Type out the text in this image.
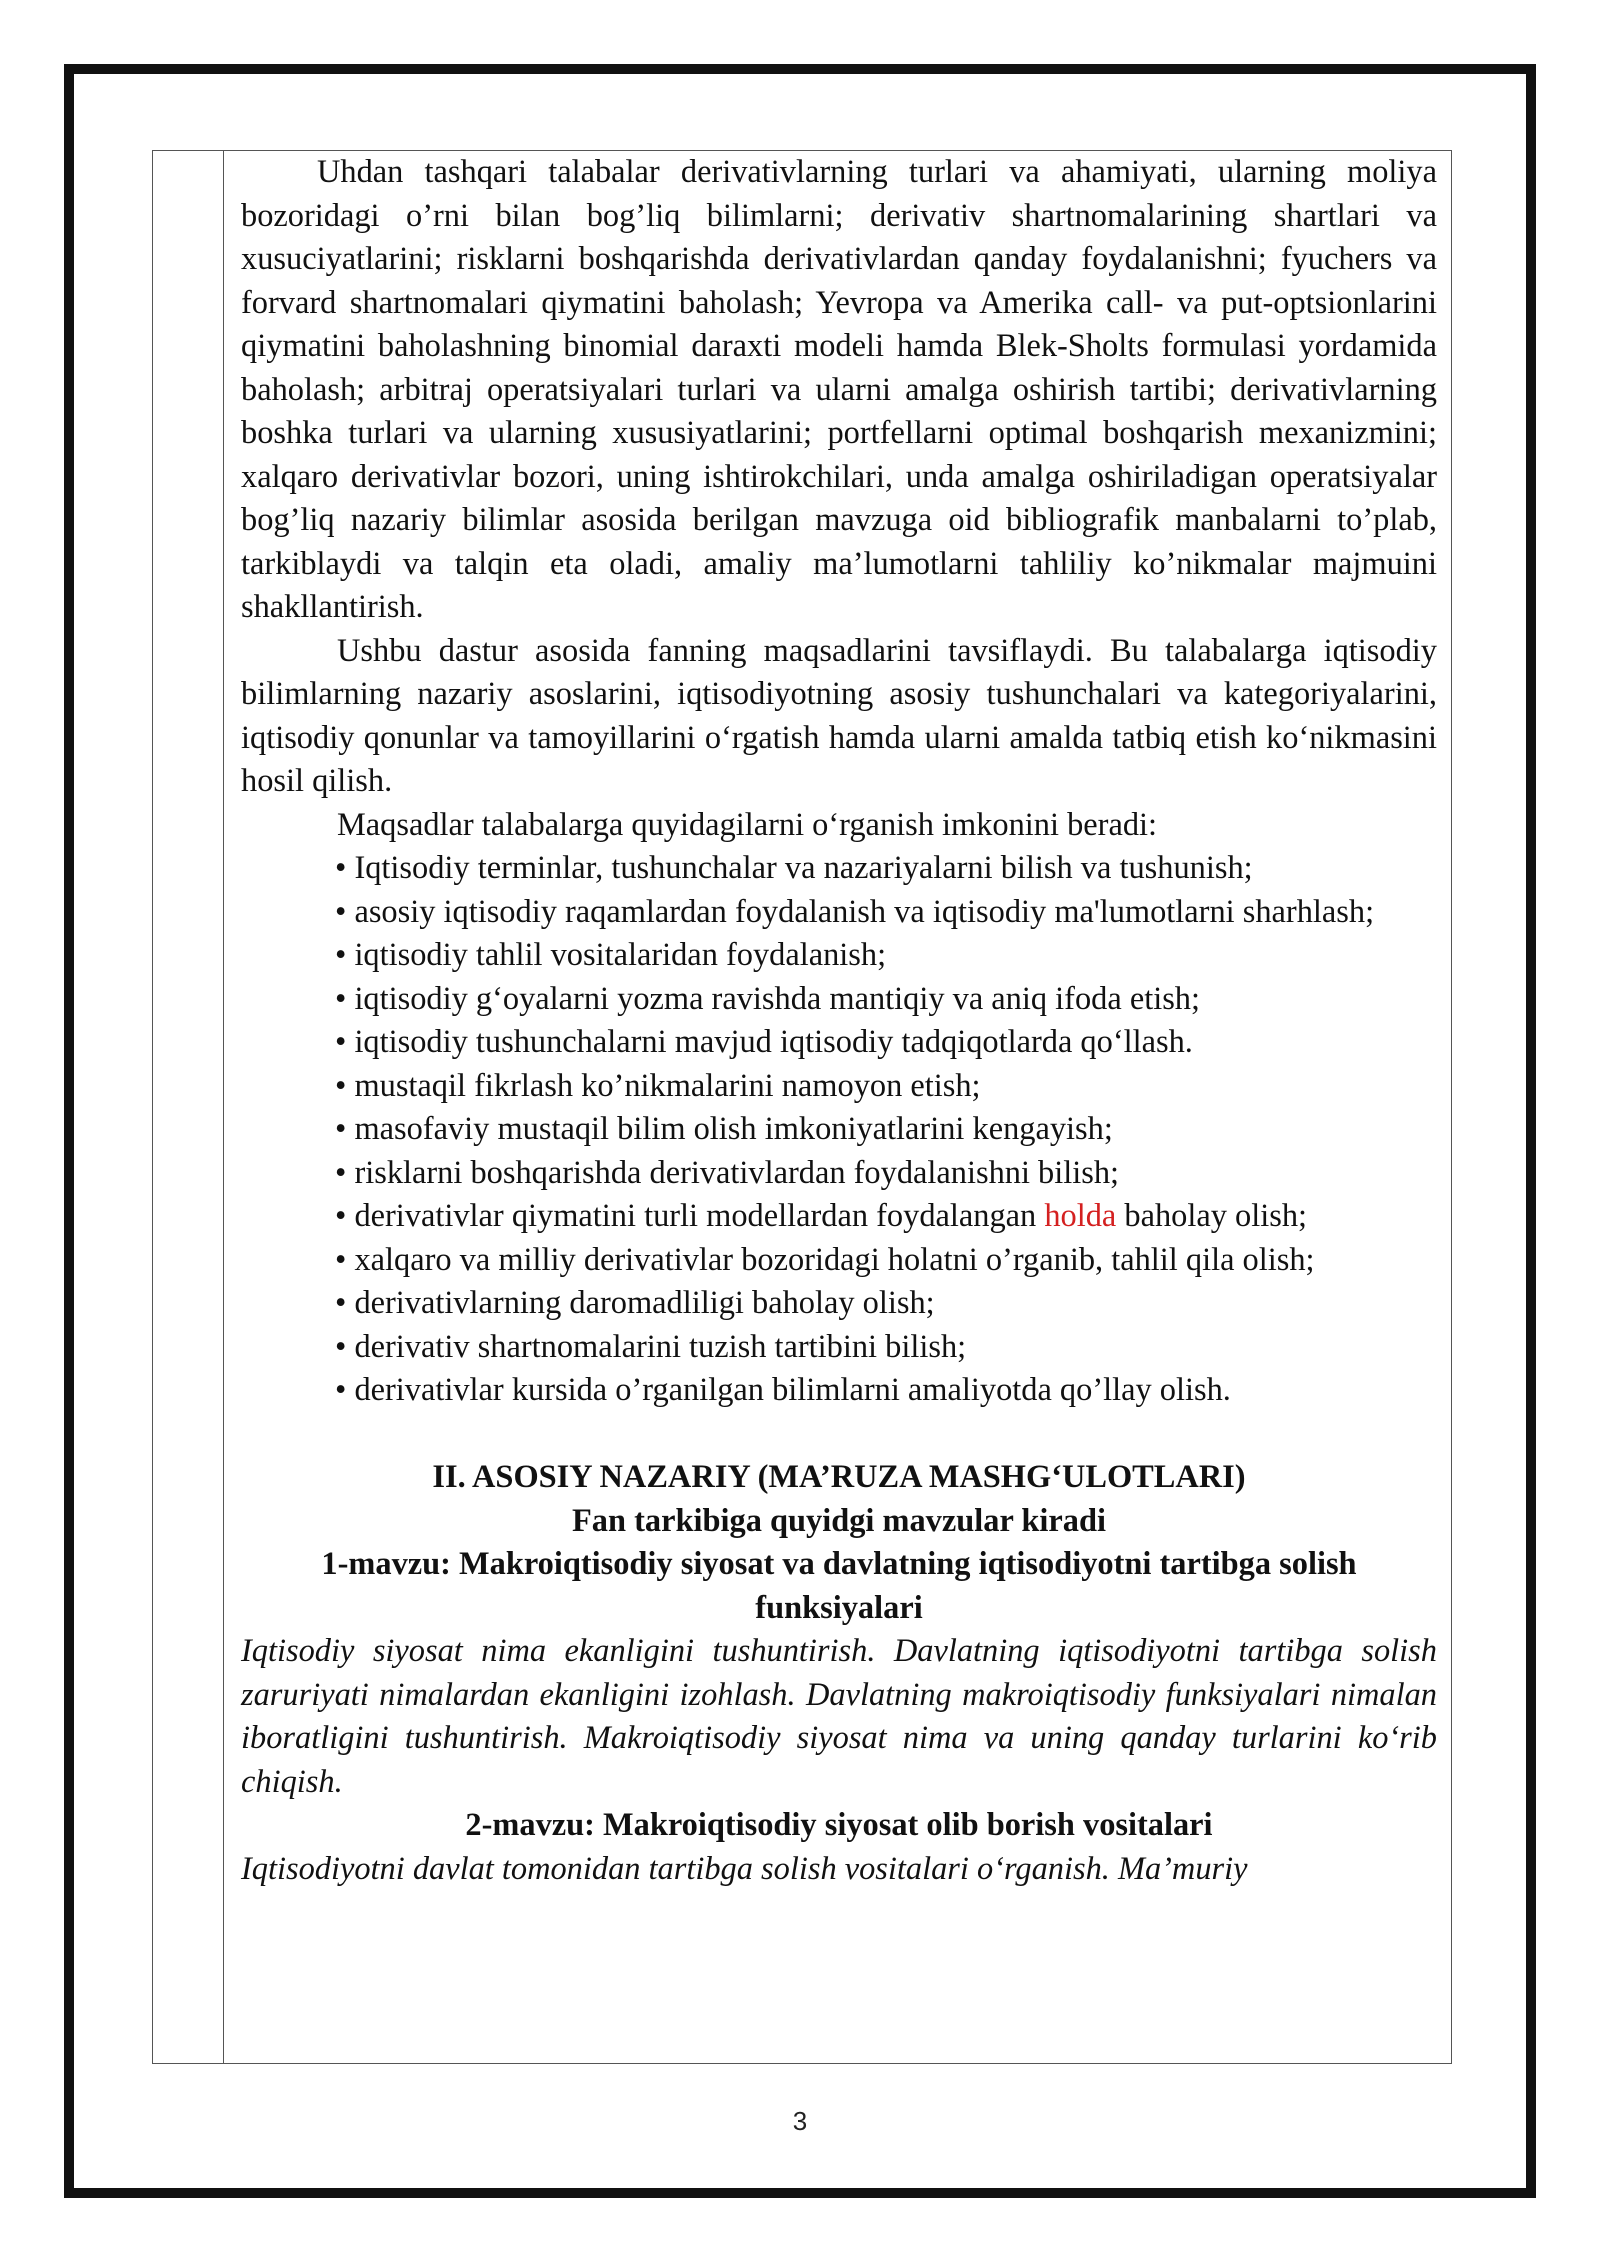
Uhdan tashqari talabalar derivativlarning turlari va ahamiyati, ularning moliya bozoridagi o’rni bilan bog’liq bilimlarni; derivativ shartnomalarining shartlari va xusuciyatlarini; risklarni boshqarishda derivativlardan qanday foydalanishni; fyuchers va forvard shartnomalari qiymatini baholash; Yevropa va Amerika call- va put-optsionlarini qiymatini baholashning binomial daraxti modeli hamda Blek-Sholts formulasi yordamida baholash; arbitraj operatsiyalari turlari va ularni amalga oshirish tartibi; derivativlarning boshka turlari va ularning xususiyatlarini; portfellarni optimal boshqarish mexanizmini; xalqaro derivativlar bozori, uning ishtirokchilari, unda amalga oshiriladigan operatsiyalar bog’liq nazariy bilimlar asosida berilgan mavzuga oid bibliografik manbalarni to’plab, tarkiblaydi va talqin eta oladi, amaliy ma’lumotlarni tahliliy ko’nikmalar majmuini shakllantirish.

Ushbu dastur asosida fanning maqsadlarini tavsiflaydi. Bu talabalarga iqtisodiy bilimlarning nazariy asoslarini, iqtisodiyotning asosiy tushunchalari va kategoriyalarini, iqtisodiy qonunlar va tamoyillarini oʻrgatish hamda ularni amalda tatbiq etish koʻnikmasini hosil qilish.

Maqsadlar talabalarga quyidagilarni oʻrganish imkonini beradi:

• Iqtisodiy terminlar, tushunchalar va nazariyalarni bilish va tushunish;

• asosiy iqtisodiy raqamlardan foydalanish va iqtisodiy ma'lumotlarni sharhlash;

• iqtisodiy tahlil vositalaridan foydalanish;

• iqtisodiy gʻoyalarni yozma ravishda mantiqiy va aniq ifoda etish;

• iqtisodiy tushunchalarni mavjud iqtisodiy tadqiqotlarda qoʻllash.

• mustaqil fikrlash ko’nikmalarini namoyon etish;

• masofaviy mustaqil bilim olish imkoniyatlarini kengayish;

• risklarni boshqarishda derivativlardan foydalanishni bilish;

• derivativlar qiymatini turli modellardan foydalangan holda baholay olish;

• xalqaro va milliy derivativlar bozoridagi holatni o’rganib, tahlil qila olish;

• derivativlarning daromadliligi baholay olish;

• derivativ shartnomalarini tuzish tartibini bilish;

• derivativlar kursida o’rganilgan bilimlarni amaliyotda qo’llay olish.

II. ASOSIY NAZARIY (MA’RUZA MASHGʻULOTLARI)

Fan tarkibiga quyidgi mavzular kiradi

1-mavzu: Makroiqtisodiy siyosat va davlatning iqtisodiyotni tartibga solish funksiyalari

Iqtisodiy siyosat nima ekanligini tushuntirish. Davlatning iqtisodiyotni tartibga solish zaruriyati nimalardan ekanligini izohlash. Davlatning makroiqtisodiy funksiyalari nimalan iboratligini tushuntirish. Makroiqtisodiy siyosat nima va uning qanday turlarini koʻrib chiqish.

2-mavzu: Makroiqtisodiy siyosat olib borish vositalari

Iqtisodiyotni davlat tomonidan tartibga solish vositalari oʻrganish. Ma’muriy

3
